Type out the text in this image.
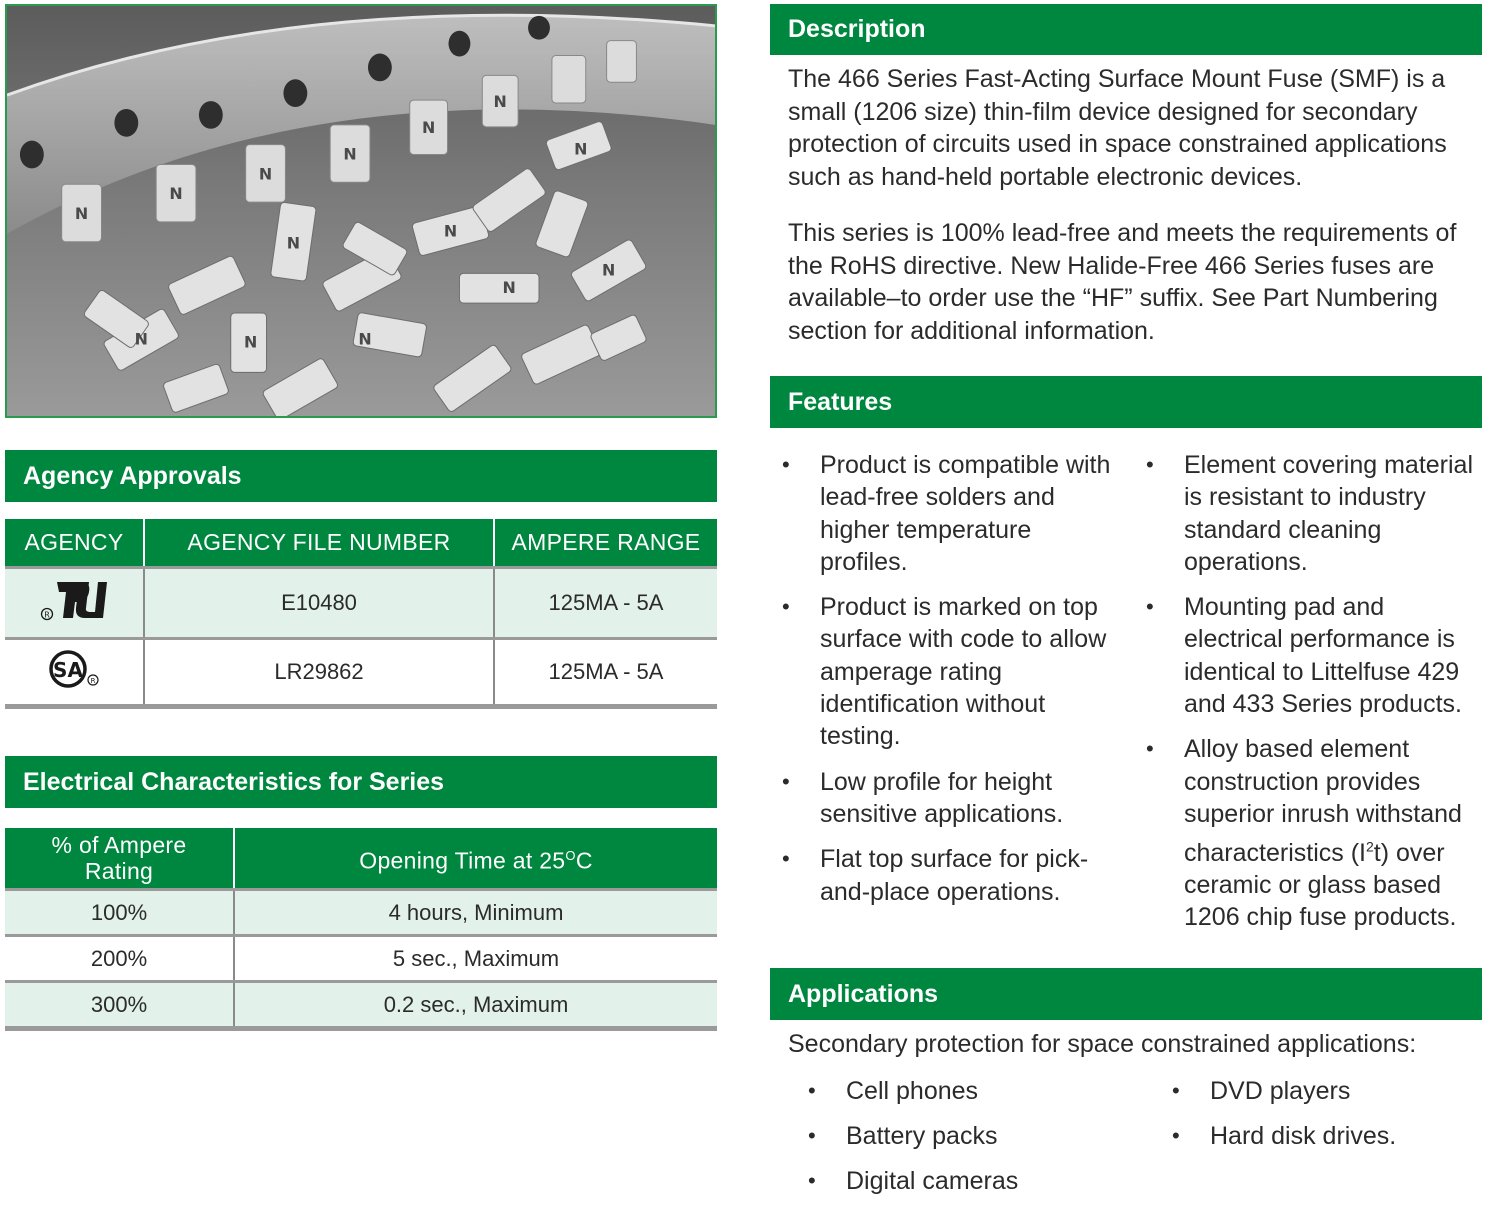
N
N
N
N
N
N
N
N
N
N
N
N
N
N
Agency Approvals
AGENCY	AGENCY FILE NUMBER	AMPERE RANGE

R	E10480	125MA - 5A

SA R	LR29862	125MA - 5A
Electrical Characteristics for Series
% of Ampere
Rating	Opening Time at $25^OC$
100%	4 hours, Minimum
200%	5 sec., Maximum
300%	0.2 sec., Maximum
Description

The 466 Series Fast-Acting Surface Mount Fuse (SMF) is a small (1206 size) thin-film device designed for secondary protection of circuits used in space constrained applications such as hand-held portable electronic devices.

This series is 100% lead-free and meets the requirements of the RoHS directive. New Halide-Free 466 Series fuses are available–to order use the “HF” suffix. See Part Numbering section for additional information.

Features
• Product is compatible with lead-free solders and higher temperature profiles.
• Product is marked on top surface with code to allow amperage rating identification without testing.
• Low profile for height sensitive applications.
• Flat top surface for pick-and-place operations.
• Element covering material is resistant to industry standard cleaning operations.
• Mounting pad and electrical performance is identical to Littelfuse 429 and 433 Series products.
• Alloy based element construction provides superior inrush withstand characteristics $(I^2t)$ over ceramic or glass based 1206 chip fuse products.
Applications

Secondary protection for space constrained applications:

• Cell phones
• Battery packs
• Digital cameras
• DVD players
• Hard disk drives.
